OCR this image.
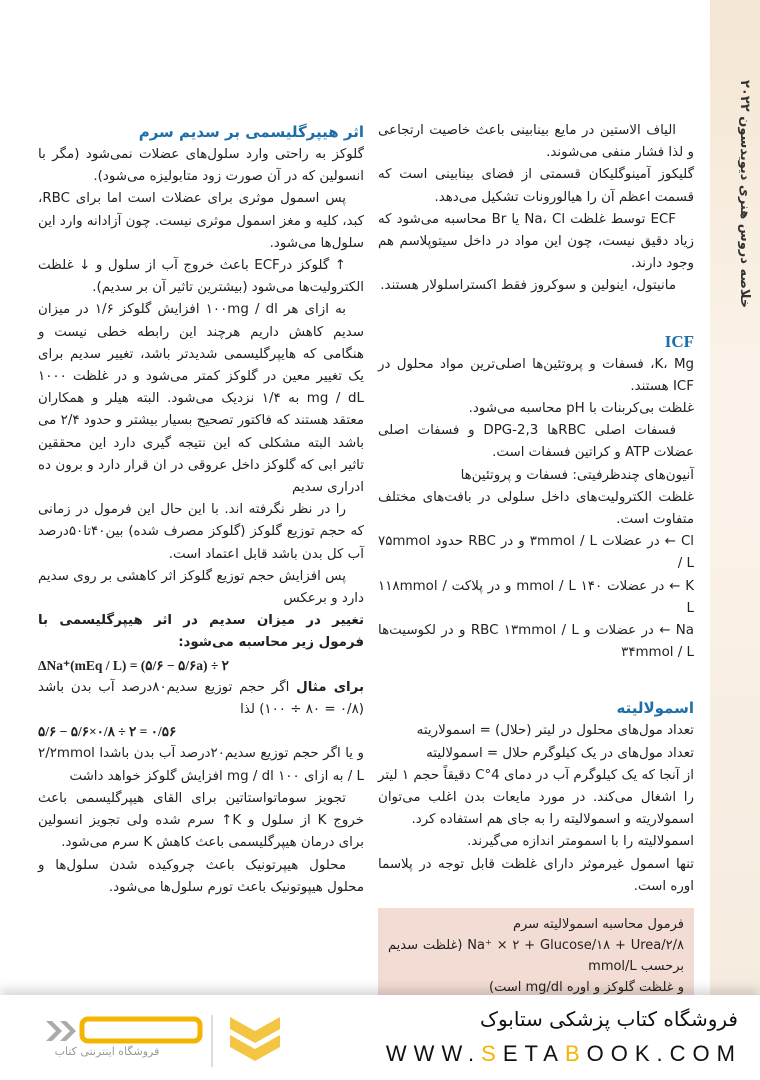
خلاصه دروس هنری دیویدسون ۲۰۲۲

الیاف الاستین در مایع بینابینی باعث خاصیت ارتجاعی و لذا فشار منفی می‌شوند.

گلیکوز آمینوگلیکان قسمتی از فضای بینابینی است که قسمت اعظم آن را هیالورونات تشکیل می‌دهد.

ECF توسط غلظت Na، Cl یا Br محاسبه می‌شود که زیاد دقیق نیست، چون این مواد در داخل سیتوپلاسم هم وجود دارند.

مانیتول، اینولین و سوکروز فقط اکسترا‌سلولار هستند.

ICF

K، Mg، فسفات و پروتئین‌ها اصلی‌ترین مواد محلول در ICF هستند.

غلظت بی‌کربنات با pH محاسبه می‌شود.

فسفات اصلی RBCها 2,3-DPG و فسفات اصلی عضلات ATP و کراتین فسفات است.

آنیون‌های چندظرفیتی: فسفات و پروتئین‌ها

غلظت الکترولیت‌های داخل سلولی در بافت‌های مختلف متفاوت است.

Cl ← در عضلات ۳mmol / L و در RBC حدود ۷۵mmol / L

K ← در عضلات ۱۴۰ mmol / L و در پلاکت ۱۱۸mmol / L

Na ← در عضلات و RBC ۱۳mmol / L و در لکوسیت‌ها ۳۴mmol / L

اسمولالیته

تعداد مول‌های محلول در لیتر (حلال) = اسمولاریته

تعداد مول‌های در یک کیلوگرم حلال = اسمولالیته

از آنجا که یک کیلوگرم آب در دمای 4°C دقیقاً حجم ۱ لیتر را اشغال می‌کند. در مورد مایعات بدن اغلب می‌توان اسمولاریته و اسمولالیته را به جای هم استفاده کرد.

اسمولالیته را با اسمومتر اندازه می‌گیرند.

تنها اسمول غیرموثر دارای غلظت قابل توجه در پلاسما اوره است.

فرمول محاسبه اسمولالیته سرم

Na⁺ × ۲ + Glucose/۱۸ + Urea/۲/۸ (غلظت سدیم برحسب mmol/L

و غلظت گلوکز و اوره mg/dl است)

اثر هیپرگلیسمی بر سدیم سرم

گلوکز به راحتی وارد سلول‌های عضلات نمی‌شود (مگر با انسولین که در آن صورت زود متابولیزه می‌شود).

پس اسمول موثری برای عضلات است اما برای RBC، کبد، کلیه و مغز اسمول موثری نیست. چون آزادانه وارد این سلول‌ها می‌شود.

↑ گلوکز درECF باعث خروج آب از سلول و ↓ غلظت الکترولیت‌ها می‌شود (بیشترین تاثیر آن بر سدیم).

به ازای هر ۱۰۰mg / dl افزایش گلوکز ۱/۶ در میزان سدیم کاهش داریم هرچند این رابطه خطی نیست و هنگامی که هایپرگلیسمی شدیدتر باشد، تغییر سدیم برای یک تغییر معین در گلوکز کمتر می‌شود و در غلظت ۱۰۰۰ mg / dL به ۱/۴ نزدیک می‌شود. البته هیلر و همکاران معتقد هستند که فاکتور تصحیح بسیار بیشتر و حدود ۲/۴ می باشد البته مشکلی که این نتیجه گیری دارد این محققین تاثیر ابی که گلوکز داخل عروقی در ان قرار دارد و برون ده ادراری سدیم

را در نظر نگرفته اند. با این حال این فرمول در زمانی که حجم توزیع گلوکز (گلوکز مصرف شده) بین۴۰تا۵۰درصد آب کل بدن باشد قابل اعتماد است.

پس افزایش حجم توزیع گلوکز اثر کاهشی بر روی سدیم دارد و برعکس

تغییر در میزان سدیم در اثر هیپرگلیسمی با فرمول زیر محاسبه می‌شود:

ΔNa⁺(mEq / L) = (۵/۶ − ۵/۶a) ÷ ۲

برای مثال اگر حجم توزیع سدیم۸۰درصد آب بدن باشد (۰/۸ = ۸۰ ÷ ۱۰۰) لذا

۵/۶ − ۵/۶×۰/۸ ÷ ۲ = ۰/۵۶

و یا اگر حجم توزیع سدیم۲۰درصد آب بدن باشدا ۲/۲mmol / L به ازای ۱۰۰ mg / dl افزایش گلوکز خواهد داشت

تجویز سوماتواستاتین برای القای هیپرگلیسمی باعث خروج K از سلول و K↑ سرم شده ولی تجویز انسولین برای درمان هیپرگلیسمی باعث کاهش K سرم می‌شود.

محلول هیپرتونیک باعث چروکیده شدن سلول‌ها و محلول هیپوتونیک باعث تورم سلول‌ها می‌شود.

فروشگاه اینترنتی کتاب
فروشگاه کتاب پزشکی ستابوک
WWW.SETABOOK.COM
